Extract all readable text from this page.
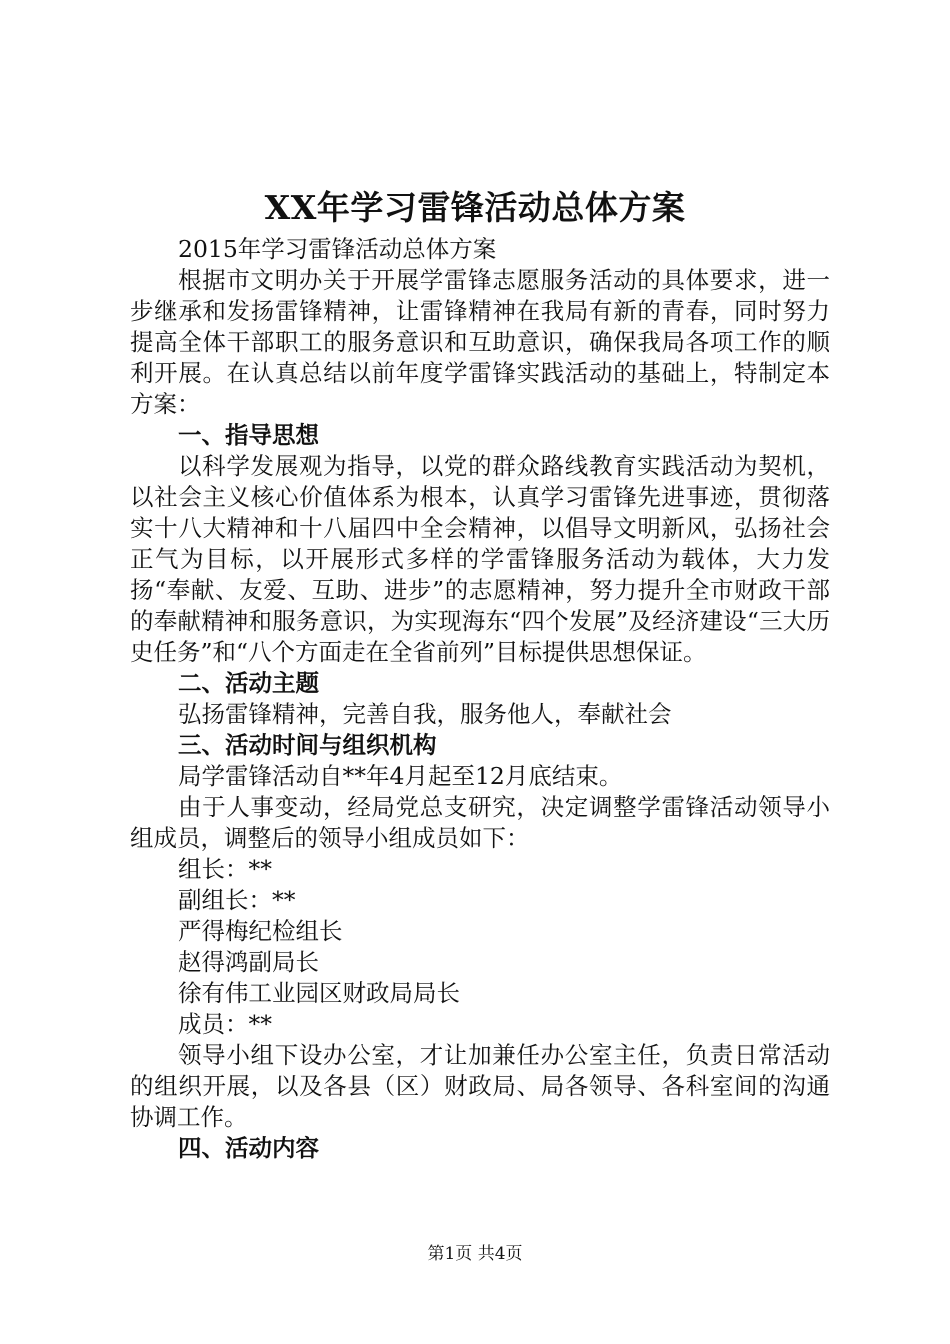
XX年学习雷锋活动总体方案

2015年学习雷锋活动总体方案

根据市文明办关于开展学雷锋志愿服务活动的具体要求，进一步继承和发扬雷锋精神，让雷锋精神在我局有新的青春，同时努力提高全体干部职工的服务意识和互助意识，确保我局各项工作的顺利开展。在认真总结以前年度学雷锋实践活动的基础上，特制定本方案：

一、指导思想

以科学发展观为指导，以党的群众路线教育实践活动为契机，以社会主义核心价值体系为根本，认真学习雷锋先进事迹，贯彻落实十八大精神和十八届四中全会精神，以倡导文明新风，弘扬社会正气为目标，以开展形式多样的学雷锋服务活动为载体，大力发扬“奉献、友爱、互助、进步”的志愿精神，努力提升全市财政干部的奉献精神和服务意识，为实现海东“四个发展”及经济建设“三大历史任务”和“八个方面走在全省前列”目标提供思想保证。

二、活动主题

弘扬雷锋精神，完善自我，服务他人，奉献社会

三、活动时间与组织机构

局学雷锋活动自**年4月起至12月底结束。

由于人事变动，经局党总支研究，决定调整学雷锋活动领导小组成员，调整后的领导小组成员如下：

组长：**

副组长：**

严得梅纪检组长

赵得鸿副局长

徐有伟工业园区财政局局长

成员：**

领导小组下设办公室，才让加兼任办公室主任，负责日常活动的组织开展，以及各县（区）财政局、局各领导、各科室间的沟通协调工作。

四、活动内容

第1页 共4页
